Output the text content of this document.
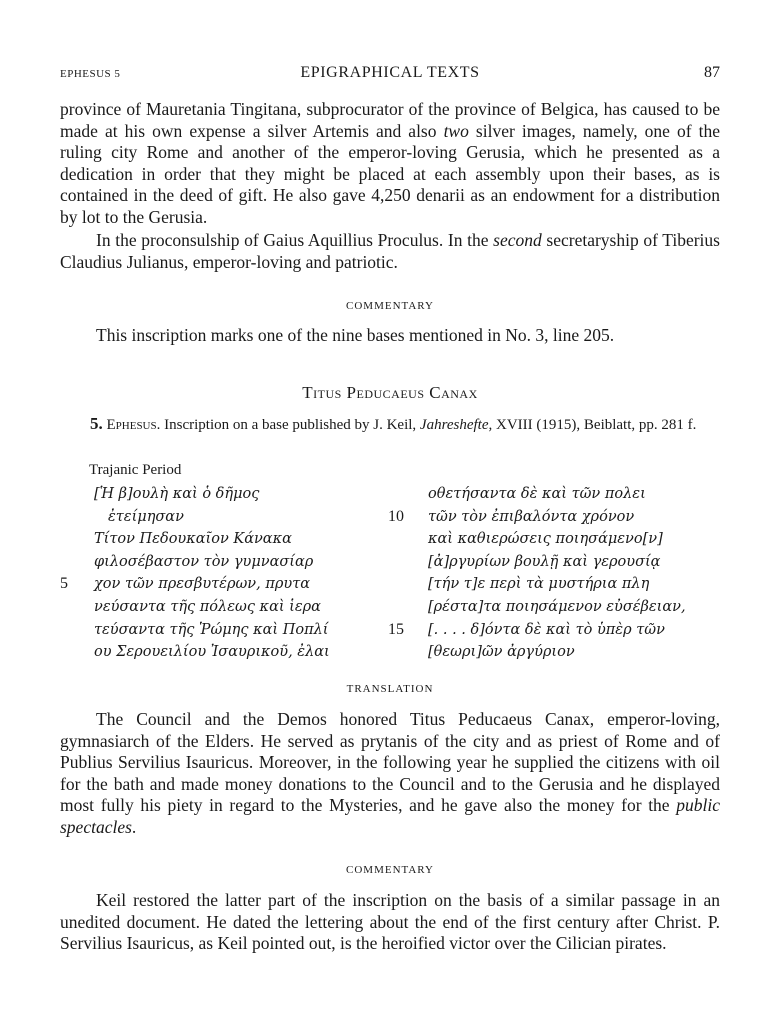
EPHESUS 5	EPIGRAPHICAL TEXTS	87

province of Mauretania Tingitana, subprocurator of the province of Belgica, has caused to be made at his own expense a silver Artemis and also two silver images, namely, one of the ruling city Rome and another of the emperor-loving Gerusia, which he presented as a dedication in order that they might be placed at each assembly upon their bases, as is contained in the deed of gift. He also gave 4,250 denarii as an endowment for a distribution by lot to the Gerusia.

In the proconsulship of Gaius Aquillius Proculus. In the second secretaryship of Tiberius Claudius Julianus, emperor-loving and patriotic.

COMMENTARY

This inscription marks one of the nine bases mentioned in No. 3, line 205.

Titus Peducaeus Canax

5. Ephesus. Inscription on a base published by J. Keil, Jahreshefte, XVIII (1915), Beiblatt, pp. 281 f.

Trajanic Period
[Ἡ β]ουλὴ καὶ ὁ δῆμος
ἐτείμησαν
Τίτον Πεδουκαῖον Κάνακα
φιλοσέβαστον τὸν γυμνασίαρ
5	χον τῶν πρεσβυτέρων, πρυτα
νεύσαντα τῆς πόλεως καὶ ἱερα
τεύσαντα τῆς Ῥώμης καὶ Ποπλί
ου Σερουειλίου Ἰσαυρικοῦ, ἐλαι
οθετήσαντα δὲ καὶ τῶν πολει
10	τῶν τὸν ἐπιβαλόντα χρόνον
καὶ καθιερώσεις ποιησάμενο[ν]
[ἀ]ργυρίων βουλῇ καὶ γερουσίᾳ
[τήν τ]ε περὶ τὰ μυστήρια πλη
[ρέστα]τα ποιησάμενον εὐσέβειαν,
15	[. . . . δ]όντα δὲ καὶ τὸ ὑπὲρ τῶν
[θεωρι]ῶν ἀργύριον
TRANSLATION

The Council and the Demos honored Titus Peducaeus Canax, emperor-loving, gymnasiarch of the Elders. He served as prytanis of the city and as priest of Rome and of Publius Servilius Isauricus. Moreover, in the following year he supplied the citizens with oil for the bath and made money donations to the Council and to the Gerusia and he displayed most fully his piety in regard to the Mysteries, and he gave also the money for the public spectacles.

COMMENTARY

Keil restored the latter part of the inscription on the basis of a similar passage in an unedited document. He dated the lettering about the end of the first century after Christ. P. Servilius Isauricus, as Keil pointed out, is the heroified victor over the Cilician pirates.
